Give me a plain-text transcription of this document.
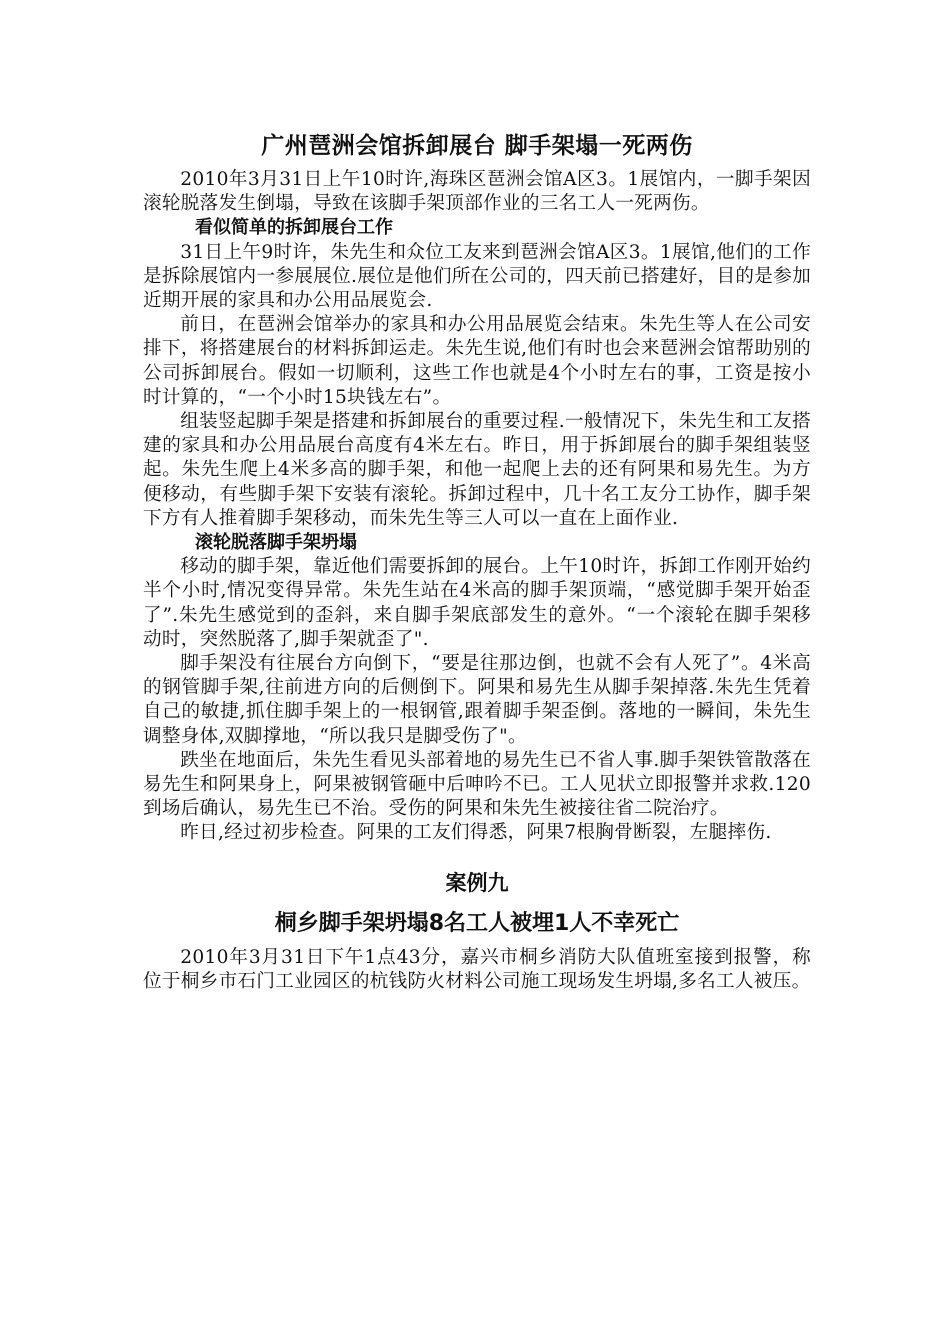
广州琶洲会馆拆卸展台 脚手架塌一死两伤

2010年3月31日上午10时许,海珠区琶洲会馆A区3。1展馆内，一脚手架因滚轮脱落发生倒塌，导致在该脚手架顶部作业的三名工人一死两伤。

看似简单的拆卸展台工作

31日上午9时许，朱先生和众位工友来到琶洲会馆A区3。1展馆,他们的工作是拆除展馆内一参展展位.展位是他们所在公司的，四天前已搭建好，目的是参加近期开展的家具和办公用品展览会.

前日，在琶洲会馆举办的家具和办公用品展览会结束。朱先生等人在公司安排下，将搭建展台的材料拆卸运走。朱先生说,他们有时也会来琶洲会馆帮助别的公司拆卸展台。假如一切顺利，这些工作也就是4个小时左右的事，工资是按小时计算的，“一个小时15块钱左右”。

组装竖起脚手架是搭建和拆卸展台的重要过程.一般情况下，朱先生和工友搭建的家具和办公用品展台高度有4米左右。昨日，用于拆卸展台的脚手架组装竖起。朱先生爬上4米多高的脚手架，和他一起爬上去的还有阿果和易先生。为方便移动，有些脚手架下安装有滚轮。拆卸过程中，几十名工友分工协作，脚手架下方有人推着脚手架移动，而朱先生等三人可以一直在上面作业.

滚轮脱落脚手架坍塌

移动的脚手架，靠近他们需要拆卸的展台。上午10时许，拆卸工作刚开始约半个小时,情况变得异常。朱先生站在4米高的脚手架顶端，“感觉脚手架开始歪了”.朱先生感觉到的歪斜，来自脚手架底部发生的意外。“一个滚轮在脚手架移动时，突然脱落了,脚手架就歪了".

脚手架没有往展台方向倒下，“要是往那边倒，也就不会有人死了”。4米高的钢管脚手架,往前进方向的后侧倒下。阿果和易先生从脚手架掉落.朱先生凭着自己的敏捷,抓住脚手架上的一根钢管,跟着脚手架歪倒。落地的一瞬间，朱先生调整身体,双脚撑地，“所以我只是脚受伤了"。

跌坐在地面后，朱先生看见头部着地的易先生已不省人事.脚手架铁管散落在易先生和阿果身上，阿果被钢管砸中后呻吟不已。工人见状立即报警并求救.120到场后确认，易先生已不治。受伤的阿果和朱先生被接往省二院治疗。

昨日,经过初步检查。阿果的工友们得悉，阿果7根胸骨断裂，左腿摔伤.

案例九
桐乡脚手架坍塌8名工人被埋1人不幸死亡

2010年3月31日下午1点43分，嘉兴市桐乡消防大队值班室接到报警，称位于桐乡市石门工业园区的杭钱防火材料公司施工现场发生坍塌,多名工人被压。
